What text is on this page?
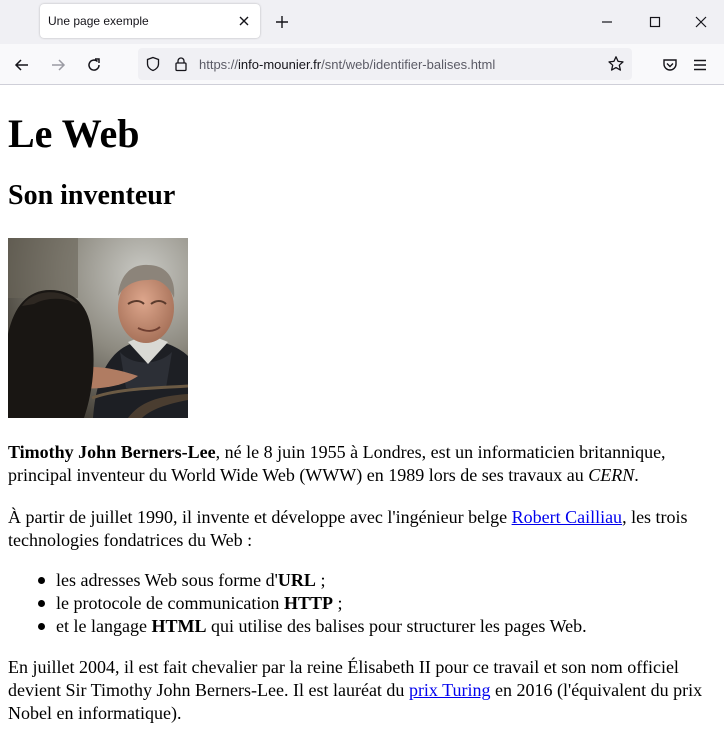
Une page exemple
https://info-mounier.fr/snt/web/identifier-balises.html
Le Web
Son inventeur

Timothy John Berners-Lee, né le 8 juin 1955 à Londres, est un informaticien britannique, principal inventeur du World Wide Web (WWW) en 1989 lors de ses travaux au CERN.

À partir de juillet 1990, il invente et développe avec l'ingénieur belge Robert Cailliau, les trois technologies fondatrices du Web :

les adresses Web sous forme d'URL ;
le protocole de communication HTTP ;
et le langage HTML qui utilise des balises pour structurer les pages Web.

En juillet 2004, il est fait chevalier par la reine Élisabeth II pour ce travail et son nom officiel devient Sir Timothy John Berners-Lee. Il est lauréat du prix Turing en 2016 (l'équivalent du prix Nobel en informatique).
